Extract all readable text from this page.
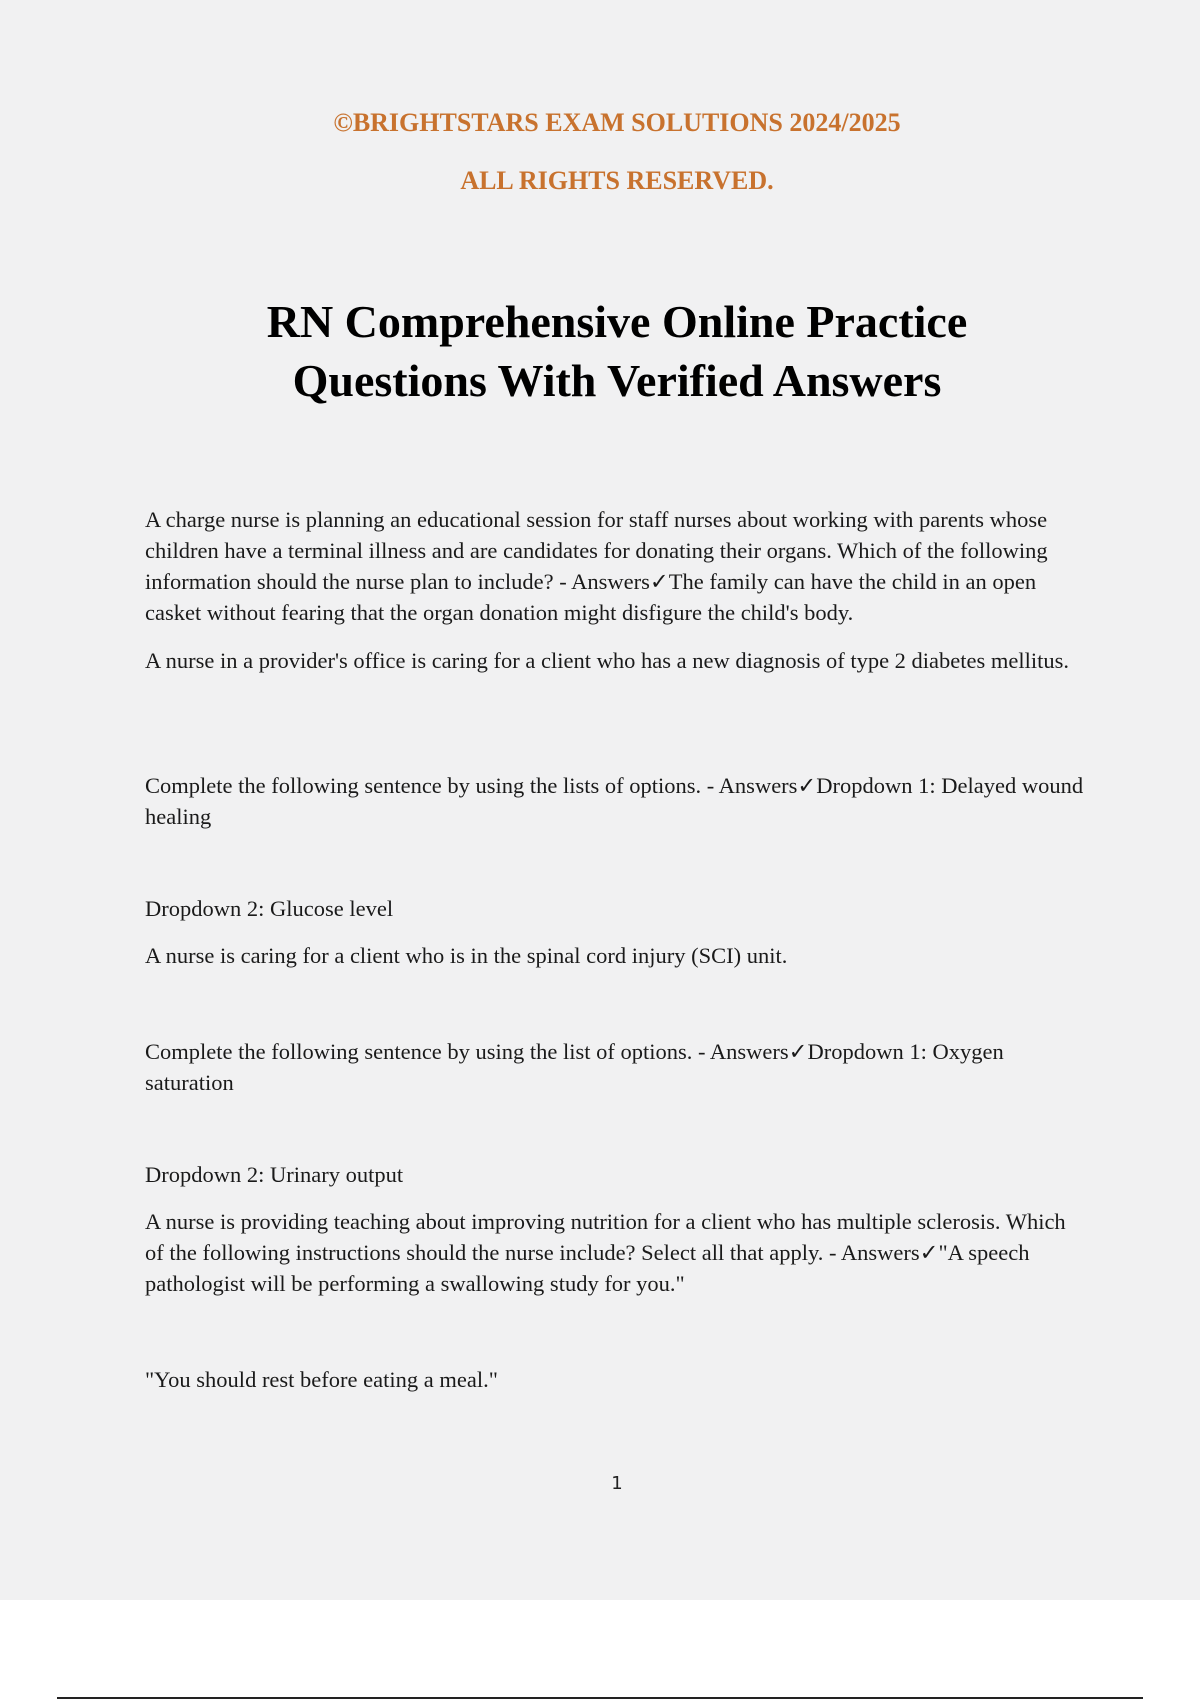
©BRIGHTSTARS EXAM SOLUTIONS 2024/2025
ALL RIGHTS RESERVED.
RN Comprehensive Online Practice
Questions With Verified Answers

A charge nurse is planning an educational session for staff nurses about working with parents whose children have a terminal illness and are candidates for donating their organs. Which of the following information should the nurse plan to include? - Answers✓The family can have the child in an open casket without fearing that the organ donation might disfigure the child's body.

A nurse in a provider's office is caring for a client who has a new diagnosis of type 2 diabetes mellitus.

Complete the following sentence by using the lists of options. - Answers✓Dropdown 1: Delayed wound healing

Dropdown 2: Glucose level

A nurse is caring for a client who is in the spinal cord injury (SCI) unit.

Complete the following sentence by using the list of options. - Answers✓Dropdown 1: Oxygen saturation

Dropdown 2: Urinary output

A nurse is providing teaching about improving nutrition for a client who has multiple sclerosis. Which of the following instructions should the nurse include? Select all that apply. - Answers✓"A speech pathologist will be performing a swallowing study for you."

"You should rest before eating a meal."

1
